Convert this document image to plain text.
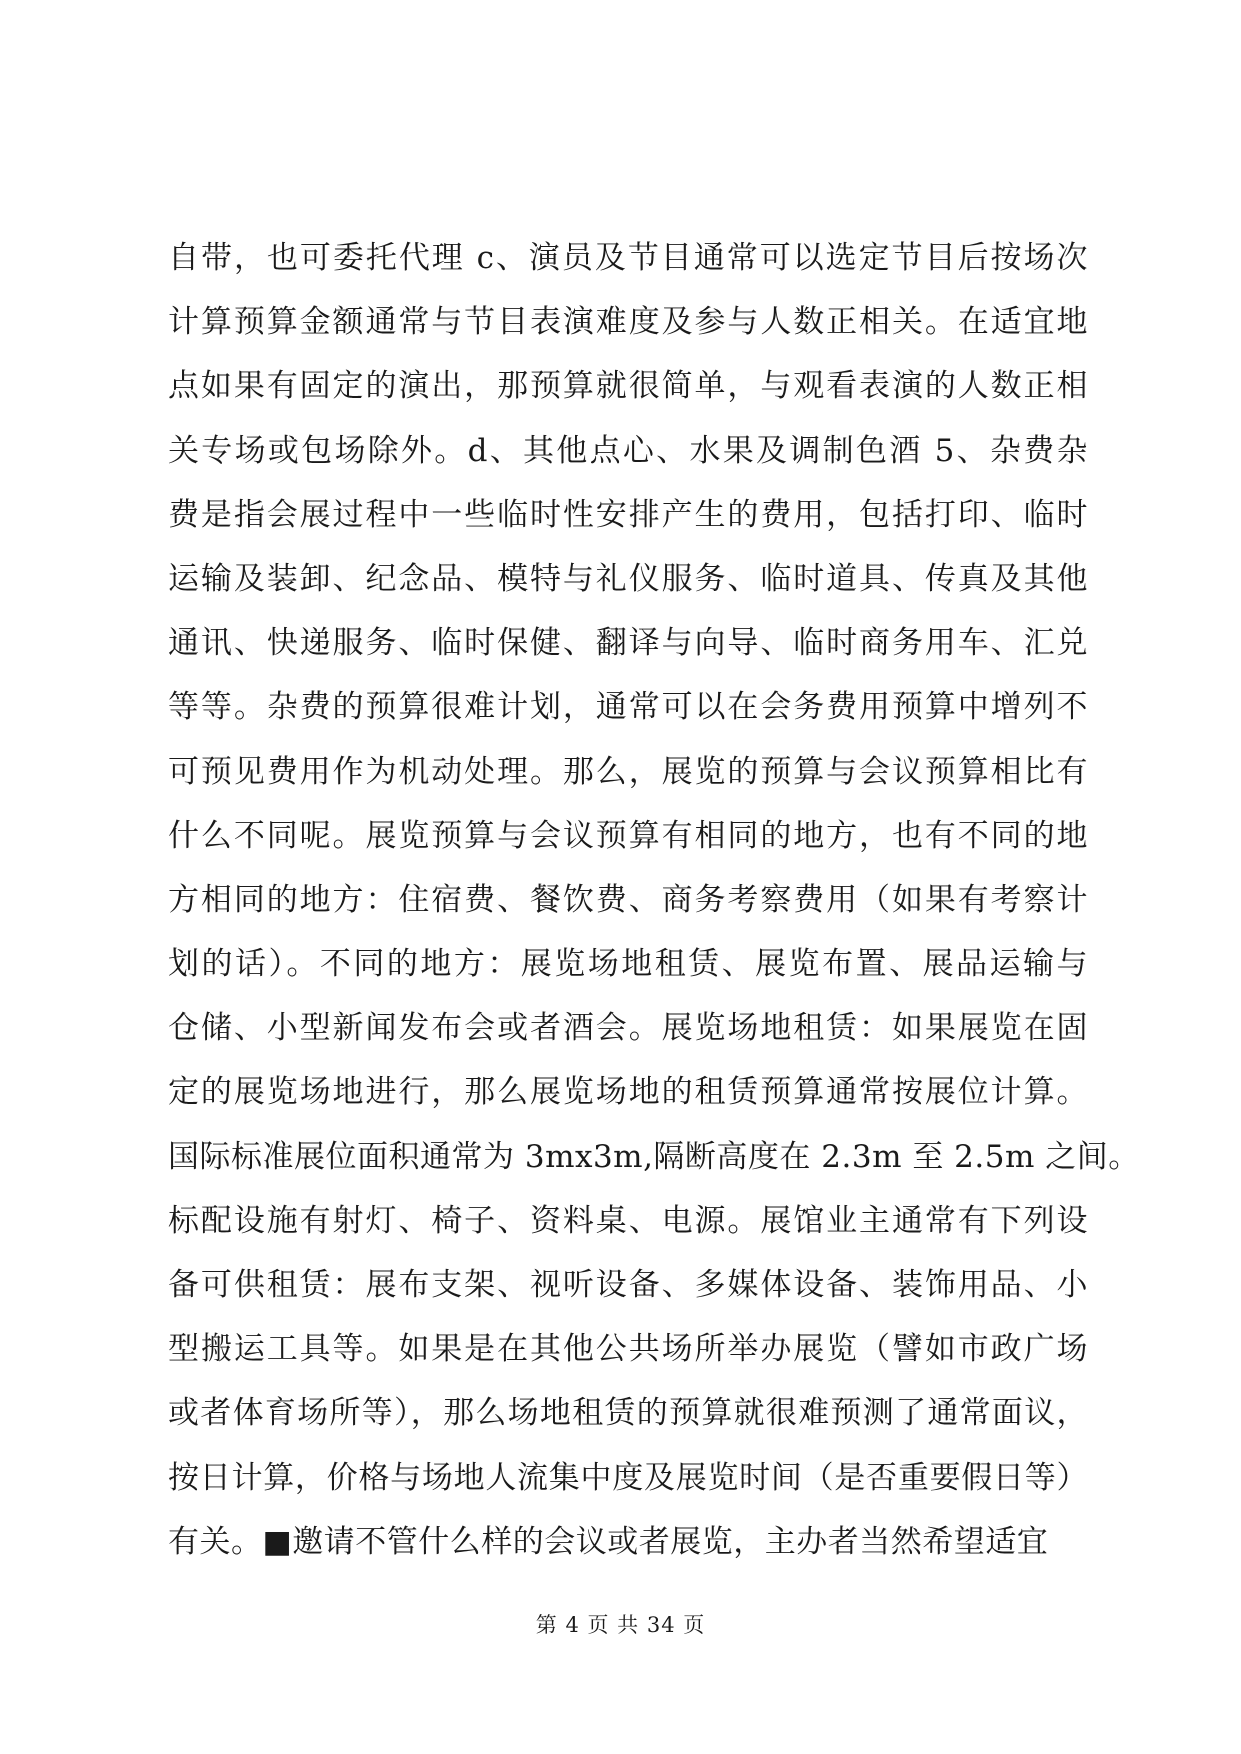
自带，也可委托代理 c、演员及节目通常可以选定节目后按场次
计算预算金额通常与节目表演难度及参与人数正相关。在适宜地
点如果有固定的演出，那预算就很简单，与观看表演的人数正相
关专场或包场除外。d、其他点心、水果及调制色酒 5、杂费杂
费是指会展过程中一些临时性安排产生的费用，包括打印、临时
运输及装卸、纪念品、模特与礼仪服务、临时道具、传真及其他
通讯、快递服务、临时保健、翻译与向导、临时商务用车、汇兑
等等。杂费的预算很难计划，通常可以在会务费用预算中增列不
可预见费用作为机动处理。那么，展览的预算与会议预算相比有
什么不同呢。展览预算与会议预算有相同的地方，也有不同的地
方相同的地方：住宿费、餐饮费、商务考察费用（如果有考察计
划的话）。不同的地方：展览场地租赁、展览布置、展品运输与
仓储、小型新闻发布会或者酒会。展览场地租赁：如果展览在固
定的展览场地进行，那么展览场地的租赁预算通常按展位计算。
国际标准展位面积通常为 3mx3m,隔断高度在 2.3m 至 2.5m 之间。
标配设施有射灯、椅子、资料桌、电源。展馆业主通常有下列设
备可供租赁：展布支架、视听设备、多媒体设备、装饰用品、小
型搬运工具等。如果是在其他公共场所举办展览（譬如市政广场
或者体育场所等），那么场地租赁的预算就很难预测了通常面议，
按日计算，价格与场地人流集中度及展览时间（是否重要假日等）
有关。■邀请不管什么样的会议或者展览，主办者当然希望适宜
第 4 页 共 34 页
